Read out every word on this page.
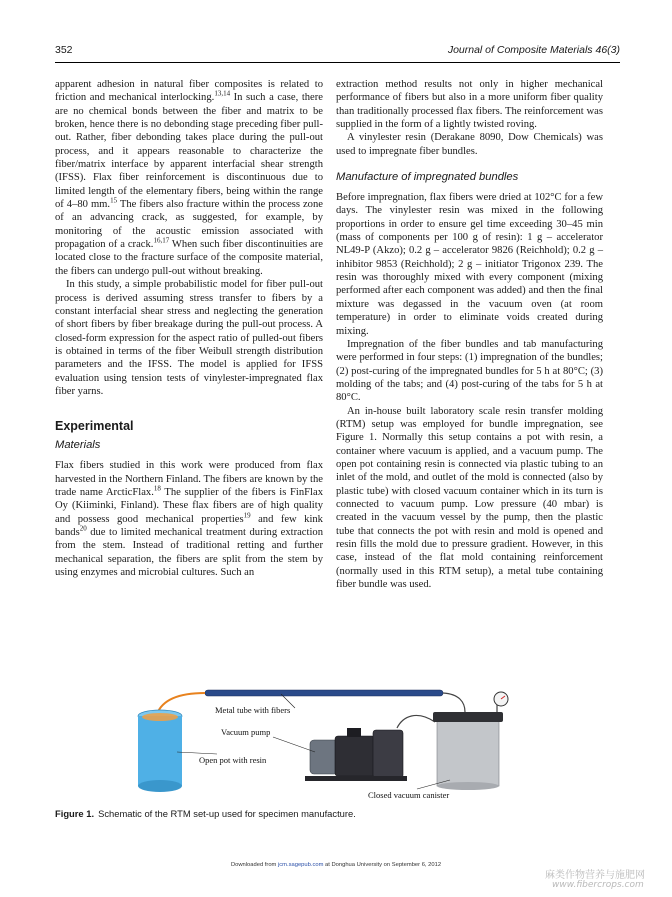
352	Journal of Composite Materials 46(3)

apparent adhesion in natural fiber composites is related to friction and mechanical interlocking.$^{13,14}$ In such a case, there are no chemical bonds between the fiber and matrix to be broken, hence there is no debonding stage preceding fiber pull-out. Rather, fiber debonding takes place during the pull-out process, and it appears reasonable to characterize the fiber/matrix interface by apparent interfacial shear strength (IFSS). Flax fiber reinforcement is discontinuous due to limited length of the elementary fibers, being within the range of 4–80 mm.$^{15}$ The fibers also fracture within the process zone of an advancing crack, as suggested, for example, by monitoring of the acoustic emission associated with propagation of a crack.$^{16,17}$ When such fiber discontinuities are located close to the fracture surface of the composite material, the fibers can undergo pull-out without breaking.

In this study, a simple probabilistic model for fiber pull-out process is derived assuming stress transfer to fibers by a constant interfacial shear stress and neglecting the generation of short fibers by fiber breakage during the pull-out process. A closed-form expression for the aspect ratio of pulled-out fibers is obtained in terms of the fiber Weibull strength distribution parameters and the IFSS. The model is applied for IFSS evaluation using tension tests of vinylester-impregnated flax fiber yarns.

Experimental
Materials

Flax fibers studied in this work were produced from flax harvested in the Northern Finland. The fibers are known by the trade name ArcticFlax.$^{18}$ The supplier of the fibers is FinFlax Oy (Kiiminki, Finland). These flax fibers are of high quality and possess good mechanical properties$^{19}$ and few kink bands$^{20}$ due to limited mechanical treatment during extraction from the stem. Instead of traditional retting and further mechanical separation, the fibers are split from the stem by using enzymes and microbial cultures. Such an

extraction method results not only in higher mechanical performance of fibers but also in a more uniform fiber quality than traditionally processed flax fibers. The reinforcement was supplied in the form of a lightly twisted roving.

A vinylester resin (Derakane 8090, Dow Chemicals) was used to impregnate fiber bundles.

Manufacture of impregnated bundles

Before impregnation, flax fibers were dried at 102°C for a few days. The vinylester resin was mixed in the following proportions in order to ensure gel time exceeding 30–45 min (mass of components per 100 g of resin): 1 g – accelerator NL49-P (Akzo); 0.2 g – accelerator 9826 (Reichhold); 0.2 g – inhibitor 9853 (Reichhold); 2 g – initiator Trigonox 239. The resin was thoroughly mixed with every component (mixing performed after each component was added) and then the final mixture was degassed in the vacuum oven (at room temperature) in order to eliminate voids created during mixing.

Impregnation of the fiber bundles and tab manufacturing were performed in four steps: (1) impregnation of the bundles; (2) post-curing of the impregnated bundles for 5 h at 80°C; (3) molding of the tabs; and (4) post-curing of the tabs for 5 h at 80°C.

An in-house built laboratory scale resin transfer molding (RTM) setup was employed for bundle impregnation, see Figure 1. Normally this setup contains a pot with resin, a container where vacuum is applied, and a vacuum pump. The open pot containing resin is connected via plastic tubing to an inlet of the mold, and outlet of the mold is connected (also by plastic tube) with closed vacuum container which in its turn is connected to vacuum pump. Low pressure (40 mbar) is created in the vacuum vessel by the pump, then the plastic tube that connects the pot with resin and mold is opened and resin fills the mold due to pressure gradient. However, in this case, instead of the flat mold containing reinforcement (normally used in this RTM setup), a metal tube containing fiber bundle was used.

Metal tube with fibers
Vacuum pump
Open pot with resin
Closed vacuum canister
Figure 1. Schematic of the RTM set-up used for specimen manufacture.
Downloaded from jcm.sagepub.com at Donghua University on September 6, 2012
麻类作物营养与施肥网
www.fibercrops.com
